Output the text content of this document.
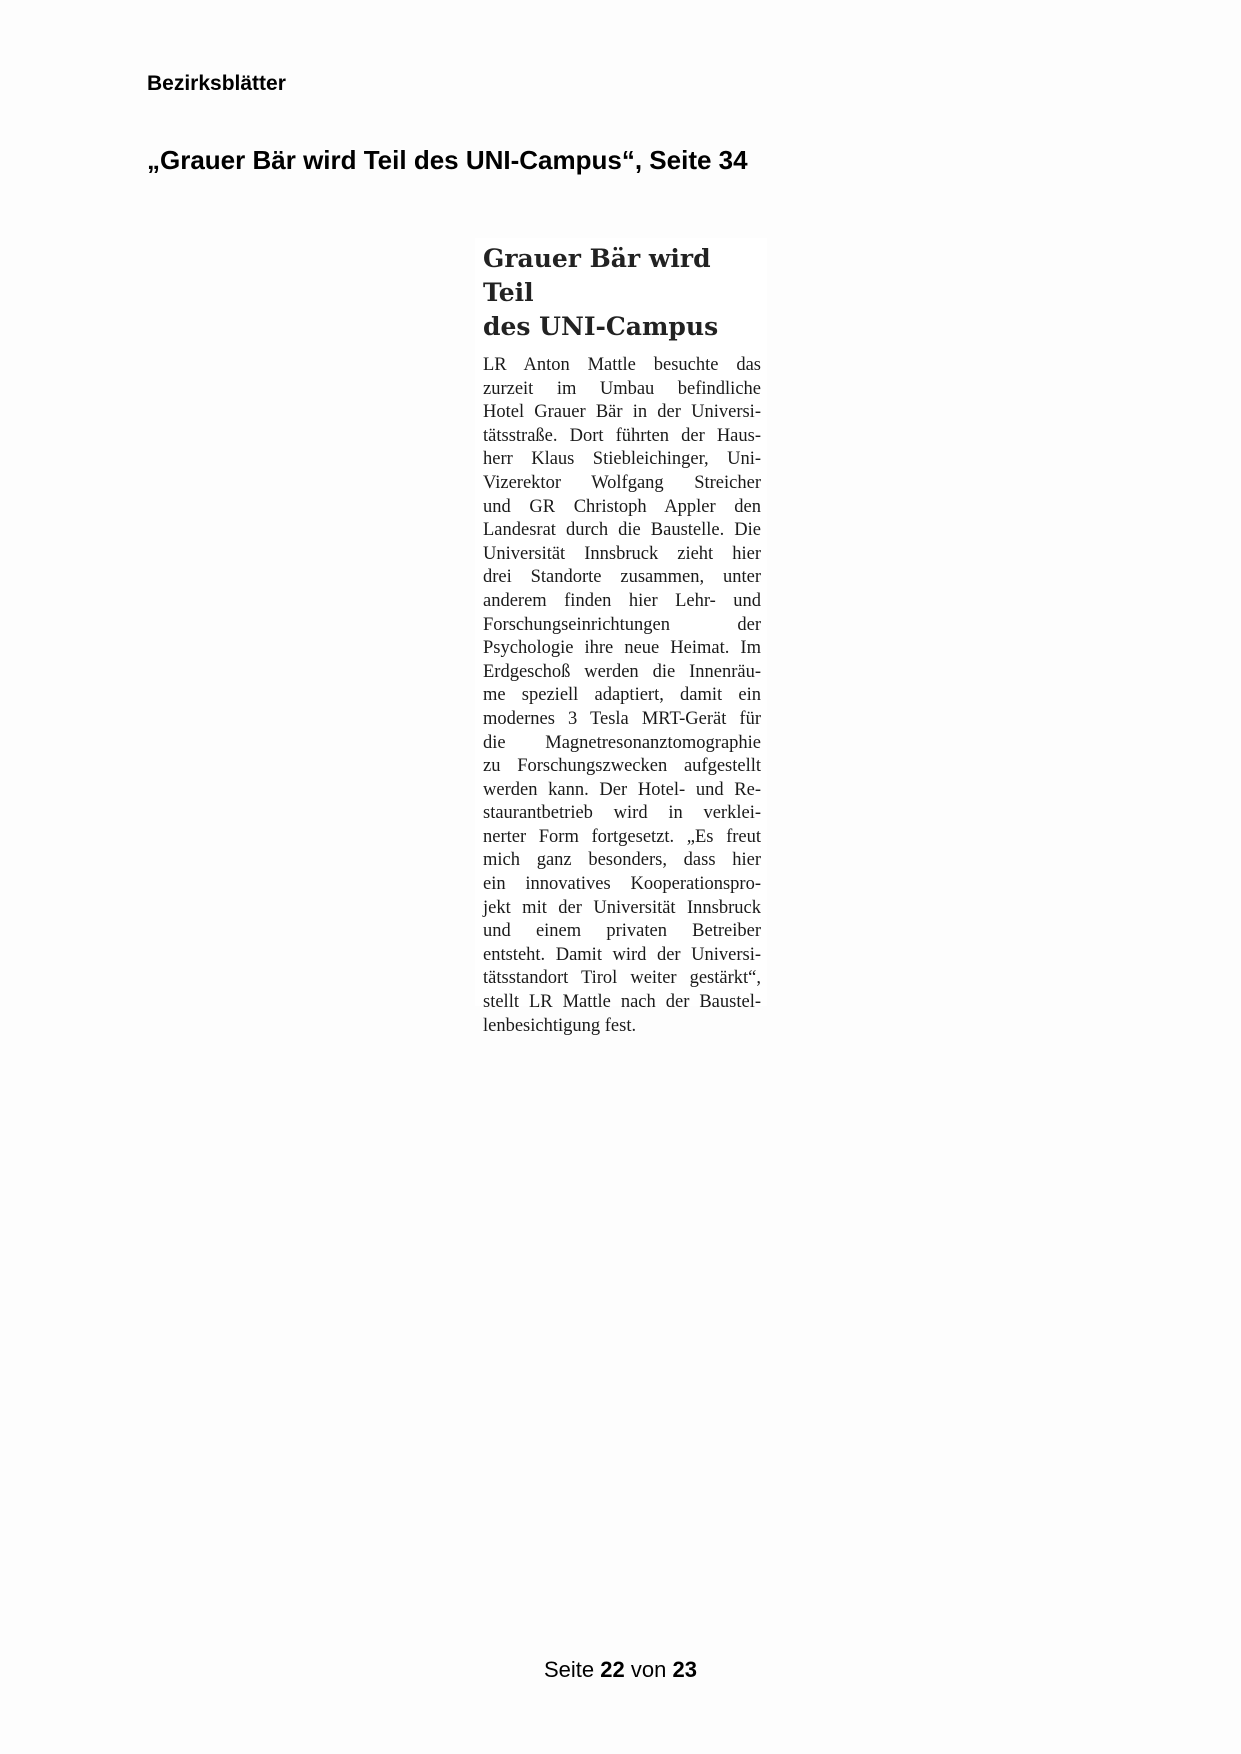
Bezirksblätter
„Grauer Bär wird Teil des UNI-Campus“, Seite 34
Grauer Bär wird Teil
des UNI-Campus
LR Anton Mattle besuchte das
zurzeit im Umbau befindliche
Hotel Grauer Bär in der Universi-
tätsstraße. Dort führten der Haus-
herr Klaus Stiebleichinger, Uni-
Vizerektor Wolfgang Streicher
und GR Christoph Appler den
Landesrat durch die Baustelle. Die
Universität Innsbruck zieht hier
drei Standorte zusammen, unter
anderem finden hier Lehr- und
Forschungseinrichtungen der
Psychologie ihre neue Heimat. Im
Erdgeschoß werden die Innenräu-
me speziell adaptiert, damit ein
modernes 3 Tesla MRT-Gerät für
die Magnetresonanztomographie
zu Forschungszwecken aufgestellt
werden kann. Der Hotel- und Re-
staurantbetrieb wird in verklei-
nerter Form fortgesetzt. „Es freut
mich ganz besonders, dass hier
ein innovatives Kooperationspro-
jekt mit der Universität Innsbruck
und einem privaten Betreiber
entsteht. Damit wird der Universi-
tätsstandort Tirol weiter gestärkt“,
stellt LR Mattle nach der Baustel-
lenbesichtigung fest.
Seite 22 von 23
